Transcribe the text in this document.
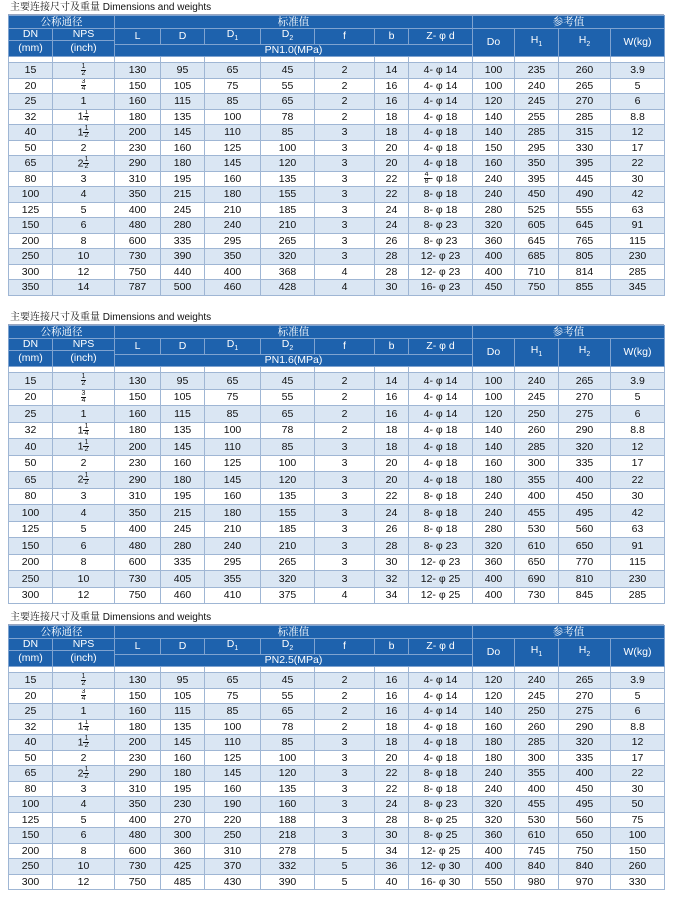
主要连接尺寸及重量 Dimensions and weights
公称通径		标准值							参考值			
DN	NPS	L	D	$D_1$	$D_2$	f	b	Z- φ d	Do	$H_1$	$H_2$	W(kg)
(mm)	(inch)											
		PN1.0(MPa)										

15	$\frac{1}{2}$	130	95	65	45	2	14	4- φ 14	100	235	260	3.9
20	$\frac{3}{4}$	150	105	75	55	2	16	4- φ 14	100	240	265	5
25	1	160	115	85	65	2	16	4- φ 14	120	245	270	6
32	$1 \frac{1}{4}$	180	135	100	78	2	18	4- φ 18	140	255	285	8.8
40	$1 \frac{1}{2}$	200	145	110	85	3	18	4- φ 18	140	285	315	12
50	2	230	160	125	100	3	20	4- φ 18	150	295	330	17
65	$2 \frac{1}{2}$	290	180	145	120	3	20	4- φ 18	160	350	395	22
80	3	310	195	160	135	3	22	$\frac{4}{8}$ - φ 18	240	395	445	30
100	4	350	215	180	155	3	22	8- φ 18	240	450	490	42
125	5	400	245	210	185	3	24	8- φ 18	280	525	555	63
150	6	480	280	240	210	3	24	8- φ 23	320	605	645	91
200	8	600	335	295	265	3	26	8- φ 23	360	645	765	115
250	10	730	390	350	320	3	28	12- φ 23	400	685	805	230
300	12	750	440	400	368	4	28	12- φ 23	400	710	814	285
350	14	787	500	460	428	4	30	16- φ 23	450	750	855	345
主要连接尺寸及重量 Dimensions and weights
公称通径		标准值							参考值			
DN	NPS	L	D	$D_1$	$D_2$	f	b	Z- φ d	Do	$H_1$	$H_2$	W(kg)
(mm)	(inch)											
		PN1.6(MPa)										

15	$\frac{1}{2}$	130	95	65	45	2	14	4- φ 14	100	240	265	3.9
20	$\frac{3}{4}$	150	105	75	55	2	16	4- φ 14	100	245	270	5
25	1	160	115	85	65	2	16	4- φ 14	120	250	275	6
32	$1 \frac{1}{4}$	180	135	100	78	2	18	4- φ 18	140	260	290	8.8
40	$1 \frac{1}{2}$	200	145	110	85	3	18	4- φ 18	140	285	320	12
50	2	230	160	125	100	3	20	4- φ 18	160	300	335	17
65	$2 \frac{1}{2}$	290	180	145	120	3	20	4- φ 18	180	355	400	22
80	3	310	195	160	135	3	22	8- φ 18	240	400	450	30
100	4	350	215	180	155	3	24	8- φ 18	240	455	495	42
125	5	400	245	210	185	3	26	8- φ 18	280	530	560	63
150	6	480	280	240	210	3	28	8- φ 23	320	610	650	91
200	8	600	335	295	265	3	30	12- φ 23	360	650	770	115
250	10	730	405	355	320	3	32	12- φ 25	400	690	810	230
300	12	750	460	410	375	4	34	12- φ 25	400	730	845	285
主要连接尺寸及重量 Dimensions and weights
公称通径		标准值							参考值			
DN	NPS	L	D	$D_1$	$D_2$	f	b	Z- φ d	Do	$H_1$	$H_2$	W(kg)
(mm)	(inch)											
		PN2.5(MPa)										

15	$\frac{1}{2}$	130	95	65	45	2	16	4- φ 14	120	240	265	3.9
20	$\frac{3}{4}$	150	105	75	55	2	16	4- φ 14	120	245	270	5
25	1	160	115	85	65	2	16	4- φ 14	140	250	275	6
32	$1 \frac{1}{4}$	180	135	100	78	2	18	4- φ 18	160	260	290	8.8
40	$1 \frac{1}{2}$	200	145	110	85	3	18	4- φ 18	180	285	320	12
50	2	230	160	125	100	3	20	4- φ 18	180	300	335	17
65	$2 \frac{1}{2}$	290	180	145	120	3	22	8- φ 18	240	355	400	22
80	3	310	195	160	135	3	22	8- φ 18	240	400	450	30
100	4	350	230	190	160	3	24	8- φ 23	320	455	495	50
125	5	400	270	220	188	3	28	8- φ 25	320	530	560	75
150	6	480	300	250	218	3	30	8- φ 25	360	610	650	100
200	8	600	360	310	278	5	34	12- φ 25	400	745	750	150
250	10	730	425	370	332	5	36	12- φ 30	400	840	840	260
300	12	750	485	430	390	5	40	16- φ 30	550	980	970	330
